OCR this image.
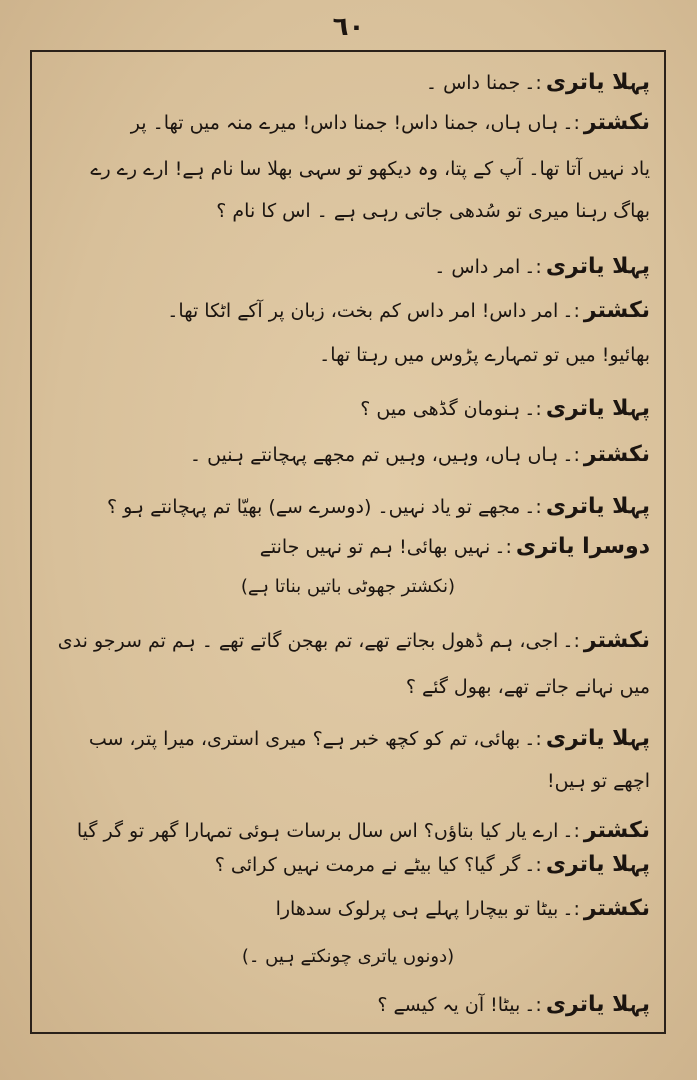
٦٠
پہلا یاتری:۔جمنا داس ۔
نکشتر:۔ہاں ہاں، جمنا داس! جمنا داس! میرے منہ میں تھا۔ پر
یاد نہیں آتا تھا۔ آپ کے پتا، وہ دیکھو تو سہی بھلا سا نام ہے! ارے رے رے
بھاگ رہنا میری تو سُدھی جاتی رہی ہے ۔ اس کا نام ؟
پہلا یاتری:۔امر داس ۔
نکشتر:۔امر داس! امر داس کم بخت، زبان پر آکے اٹکا تھا۔
بھائیو! میں تو تمہارے پڑوس میں رہتا تھا۔
پہلا یاتری:۔ہنومان گڈھی میں ؟
نکشتر:۔ہاں ہاں، وہیں، وہیں تم مجھے پہچانتے ہنیں ۔
پہلا یاتری:۔مجھے تو یاد نہیں۔ (دوسرے سے) بھیّا تم پہچانتے ہو ؟
دوسرا یاتری:۔نہیں بھائی! ہم تو نہیں جانتے
(نکشتر جھوٹی باتیں بناتا ہے)
نکشتر:۔اجی، ہم ڈھول بجاتے تھے، تم بھجن گاتے تھے ۔ ہم تم سرجو ندی
میں نہانے جاتے تھے، بھول گئے ؟
پہلا یاتری:۔بھائی، تم کو کچھ خبر ہے؟ میری استری، میرا پتر، سب
اچھے تو ہیں!
نکشتر:۔ارے یار کیا بتاؤں؟ اس سال برسات ہوئی تمہارا گھر تو گر گیا
پہلا یاتری:۔گر گیا؟ کیا بیٹے نے مرمت نہیں کرائی ؟
نکشتر:۔بیٹا تو بیچارا پہلے ہی پرلوک سدھارا
(دونوں یاتری چونکتے ہیں ۔)
پہلا یاتری:۔بیٹا! آن یہ کیسے ؟
